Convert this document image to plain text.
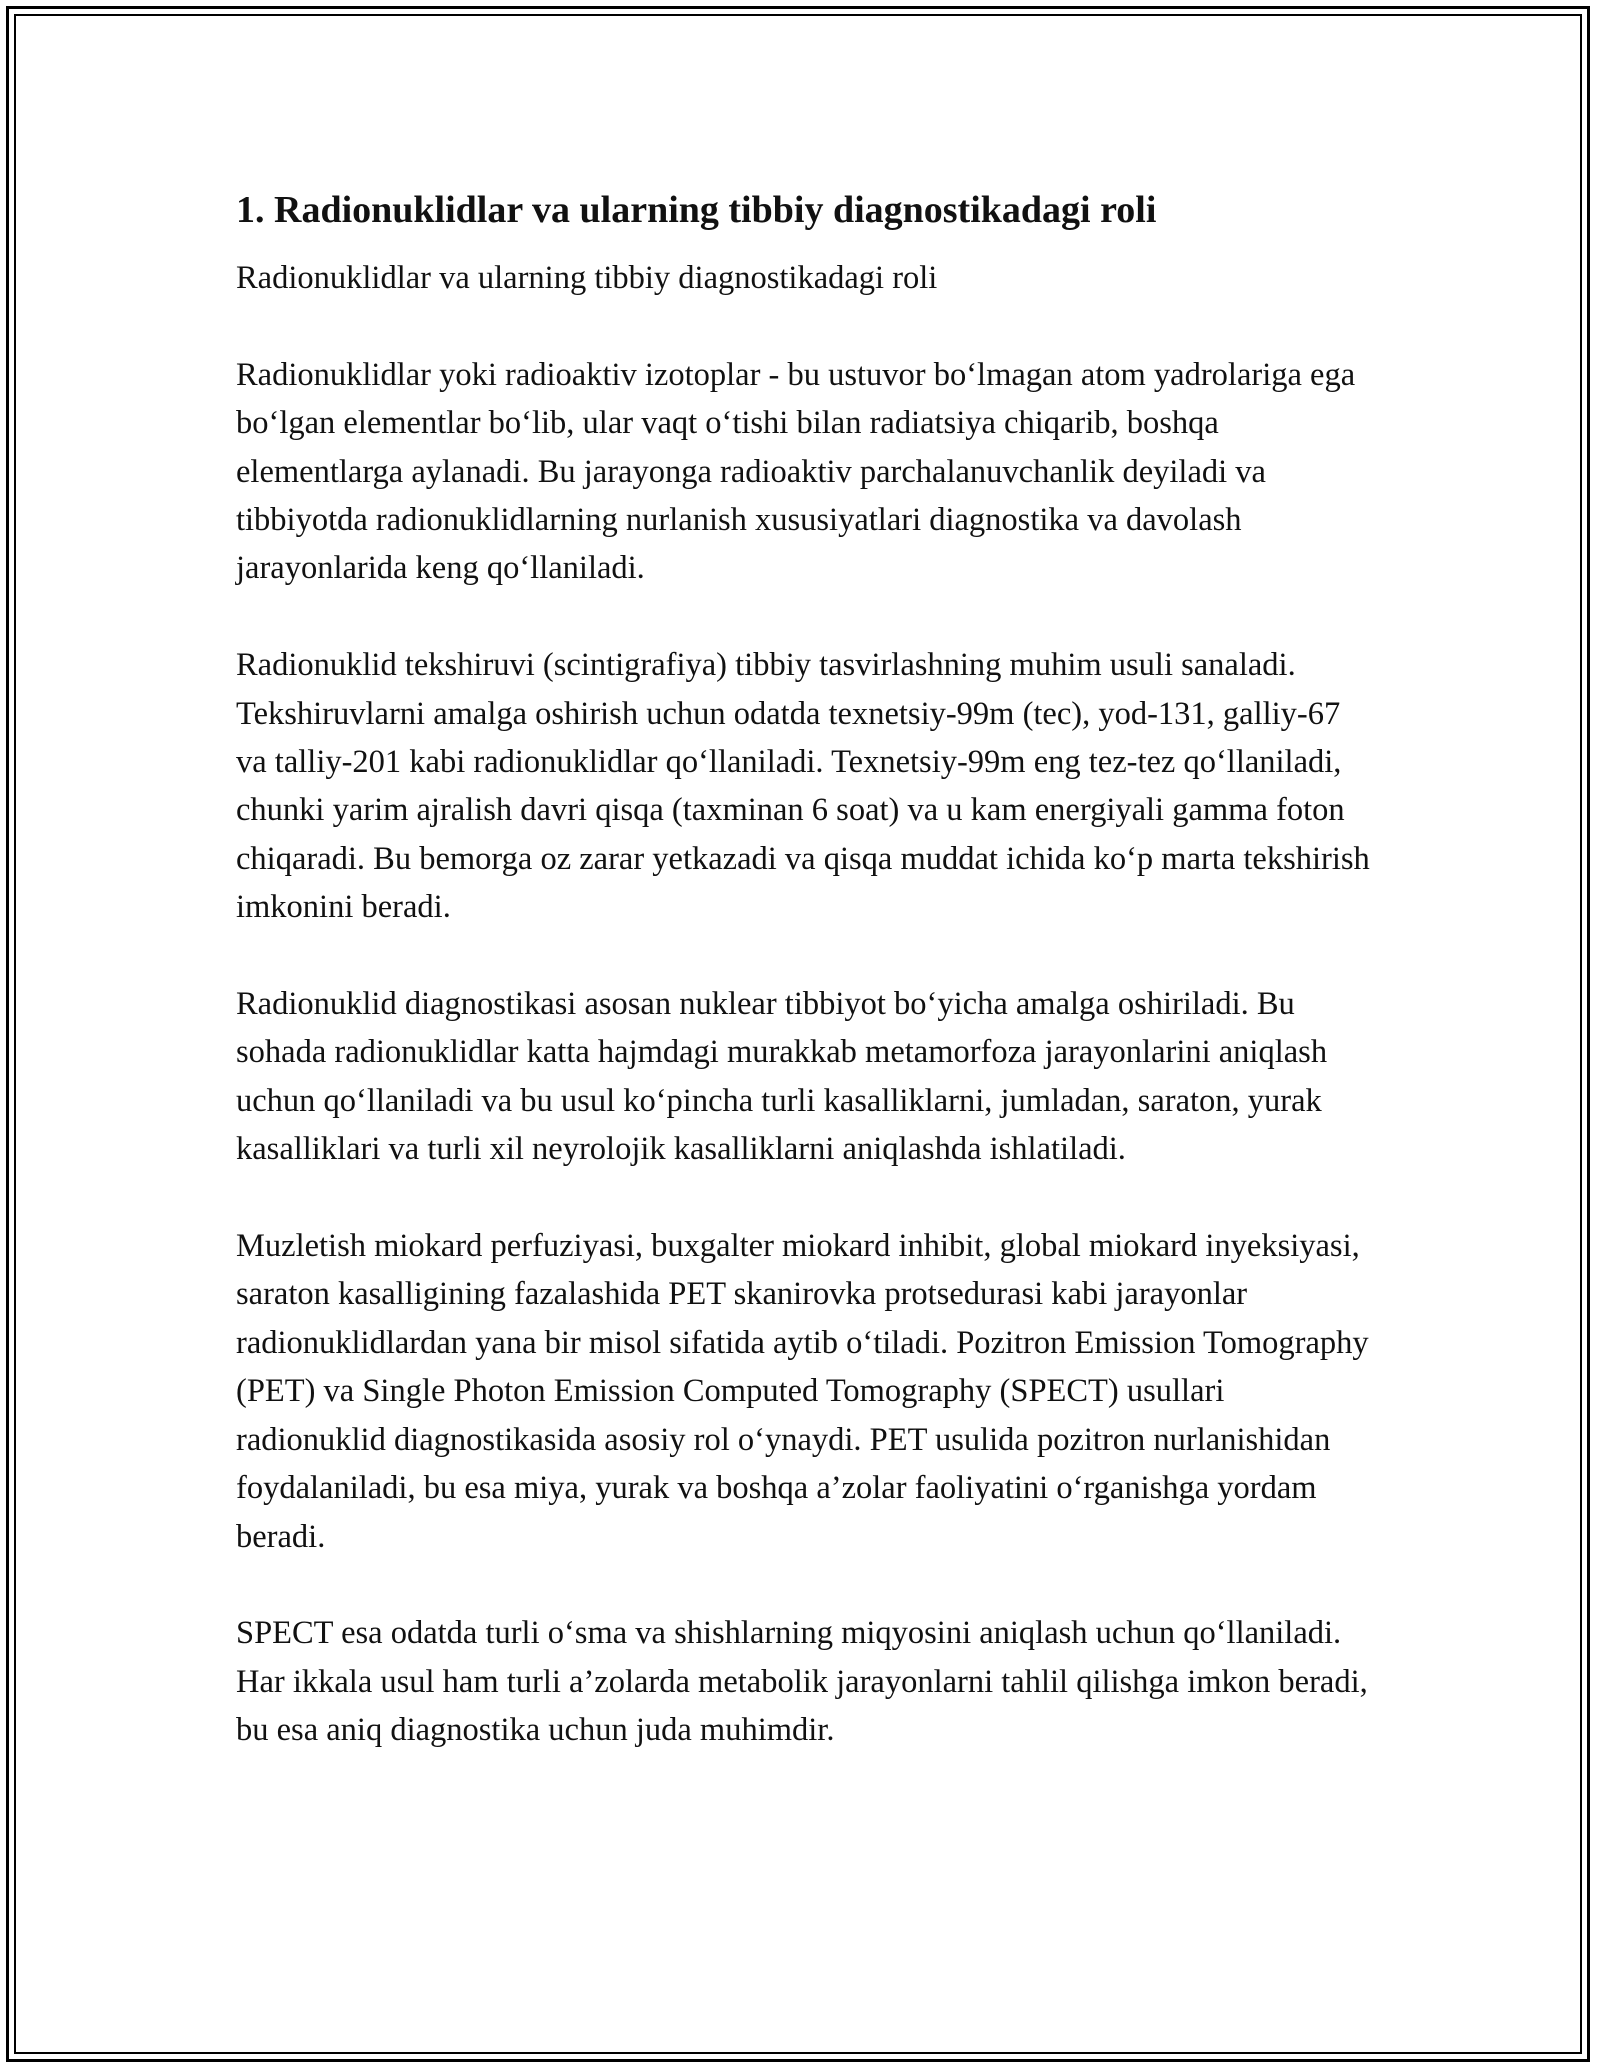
1. Radionuklidlar va ularning tibbiy diagnostikadagi roli

Radionuklidlar va ularning tibbiy diagnostikadagi roli

Radionuklidlar yoki radioaktiv izotoplar - bu ustuvor bo‘lmagan atom yadrolariga ega bo‘lgan elementlar bo‘lib, ular vaqt o‘tishi bilan radiatsiya chiqarib, boshqa elementlarga aylanadi. Bu jarayonga radioaktiv parchalanuvchanlik deyiladi va tibbiyotda radionuklidlarning nurlanish xususiyatlari diagnostika va davolash jarayonlarida keng qo‘llaniladi.

Radionuklid tekshiruvi (scintigrafiya) tibbiy tasvirlashning muhim usuli sanaladi. Tekshiruvlarni amalga oshirish uchun odatda texnetsiy-99m (tec), yod-131, galliy-67 va talliy-201 kabi radionuklidlar qo‘llaniladi. Texnetsiy-99m eng tez-tez qo‘llaniladi, chunki yarim ajralish davri qisqa (taxminan 6 soat) va u kam energiyali gamma foton chiqaradi. Bu bemorga oz zarar yetkazadi va qisqa muddat ichida ko‘p marta tekshirish imkonini beradi.

Radionuklid diagnostikasi asosan nuklear tibbiyot bo‘yicha amalga oshiriladi. Bu sohada radionuklidlar katta hajmdagi murakkab metamorfoza jarayonlarini aniqlash uchun qo‘llaniladi va bu usul ko‘pincha turli kasalliklarni, jumladan, saraton, yurak kasalliklari va turli xil neyrolojik kasalliklarni aniqlashda ishlatiladi.

Muzletish miokard perfuziyasi, buxgalter miokard inhibit, global miokard inyeksiyasi, saraton kasalligining fazalashida PET skanirovka protsedurasi kabi jarayonlar radionuklidlardan yana bir misol sifatida aytib o‘tiladi. Pozitron Emission Tomography (PET) va Single Photon Emission Computed Tomography (SPECT) usullari radionuklid diagnostikasida asosiy rol o‘ynaydi. PET usulida pozitron nurlanishidan foydalaniladi, bu esa miya, yurak va boshqa a’zolar faoliyatini o‘rganishga yordam beradi.

SPECT esa odatda turli o‘sma va shishlarning miqyosini aniqlash uchun qo‘llaniladi. Har ikkala usul ham turli a’zolarda metabolik jarayonlarni tahlil qilishga imkon beradi, bu esa aniq diagnostika uchun juda muhimdir.
